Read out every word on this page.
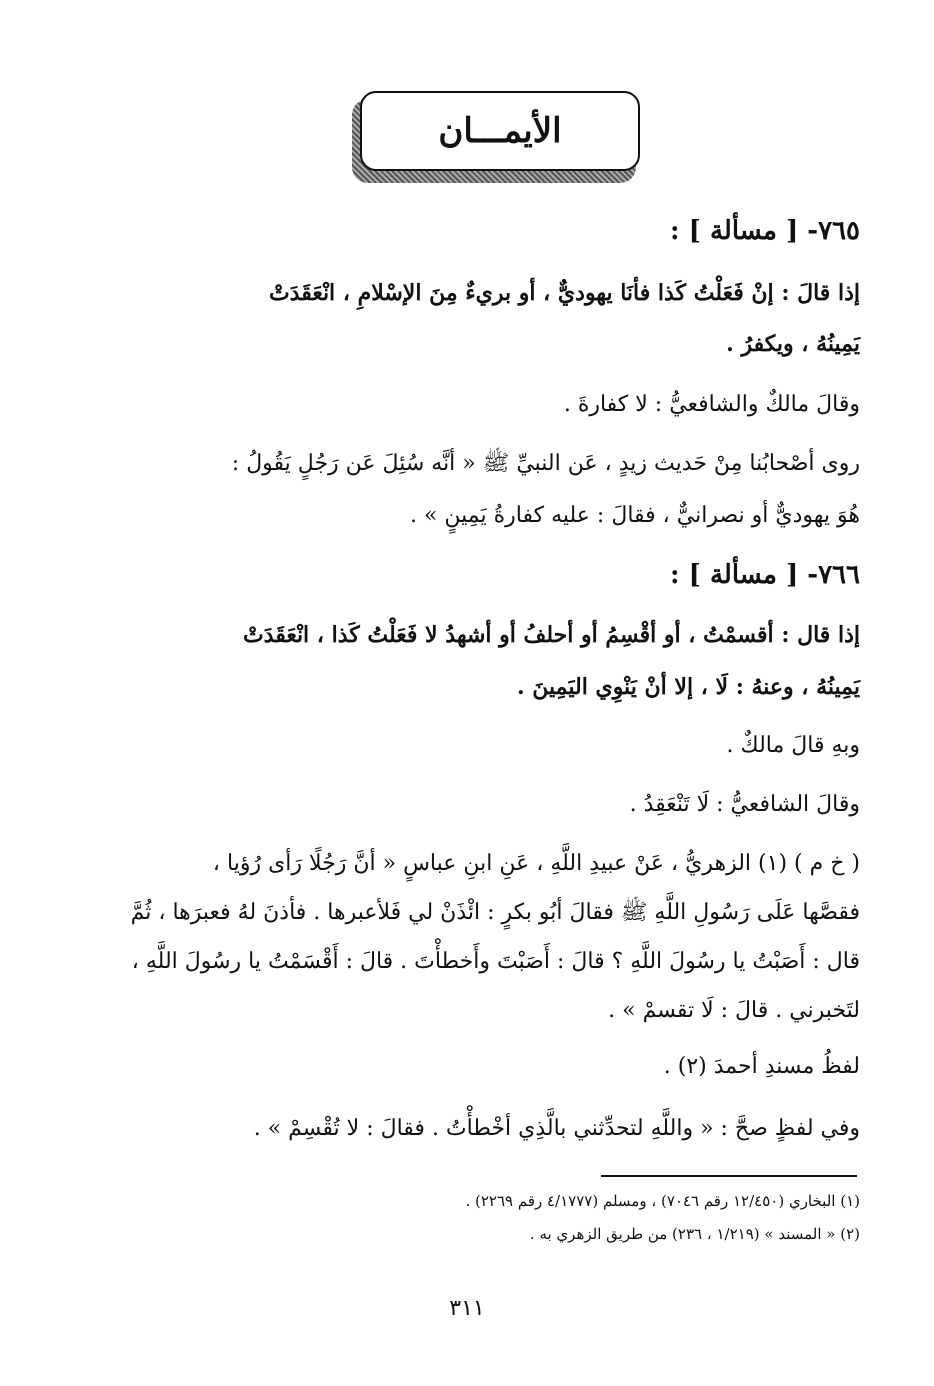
الأيمـــان
٧٦٥- [ مسألة ] :
إذا قالَ : إنْ فَعَلْتُ كَذا فأنَا يهوديٌّ ، أو بريءٌ مِنَ الإسْلامِ ، انْعَقَدَتْ
يَمِينُهُ ، ويكفرُ .
وقالَ مالكٌ والشافعيُّ : لا كفارةَ .
روى أصْحابُنا مِنْ حَديث زيدٍ ، عَن النبيِّ ﷺ « أنَّه سُئِلَ عَن رَجُلٍ يَقُولُ :
هُوَ يهوديٌّ أو نصرانيٌّ ، فقالَ : عليه كفارةُ يَمِينٍ » .
٧٦٦- [ مسألة ] :
إذا قال : أقسمْتُ ، أو أقْسِمُ أو أحلفُ أو أشهدُ لا فَعَلْتُ كَذا ، انْعَقَدَتْ
يَمِينُهُ ، وعنهُ : لَا ، إلا أنْ يَنْوِي اليَمِينَ .
وبهِ قالَ مالكٌ .
وقالَ الشافعيُّ : لَا تَنْعَقِدُ .
( خ م ) (١) الزهريُّ ، عَنْ عبيدِ اللَّهِ ، عَنِ ابنِ عباسٍ « أنَّ رَجُلًا رَأى رُؤيا ،
فقصَّها عَلَى رَسُولِ اللَّهِ ﷺ فقالَ أبُو بكرٍ : ائْذَنْ لي فَلأعبرها . فأذنَ لهُ فعبرَها ، ثُمَّ
قال : أَصَبْتُ يا رسُولَ اللَّهِ ؟ قالَ : أَصَبْتَ وأَخطأْتَ . قالَ : أَقْسَمْتُ يا رسُولَ اللَّهِ ،
لتَخبرني . قالَ : لَا تقسمْ » .
لفظُ مسندِ أحمدَ (٢) .
وفي لفظٍ صحَّ : « واللَّهِ لتحدِّثني بالَّذِي أخْطأْتُ . فقالَ : لا تُقْسِمْ » .
(١) البخاري (١٢/٤٥٠ رقم ٧٠٤٦) ، ومسلم (٤/١٧٧٧ رقم ٢٢٦٩) .
(٢) « المسند » (١/٢١٩ ، ٢٣٦) من طريق الزهري به .
٣١١
